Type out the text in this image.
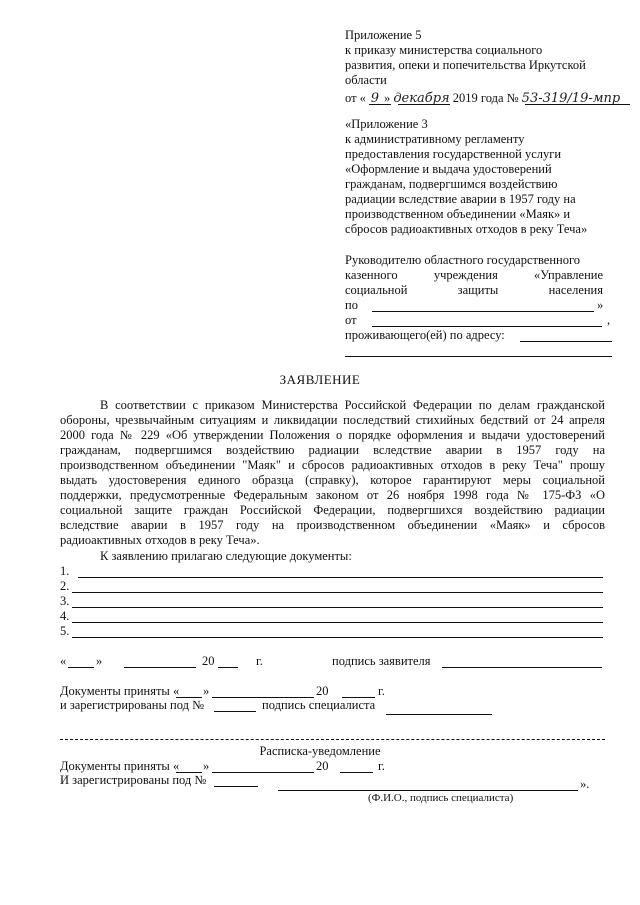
Приложение 5
к приказу министерства социального
развития, опеки и попечительства Иркутской
области
от « 9 » декабря 2019 года № 53-319/19-мпр
«Приложение 3
к административному регламенту
предоставления государственной услуги
«Оформление и выдача удостоверений
гражданам, подвергшимся воздействию
радиации вследствие аварии в 1957 году на
производственном объединении «Маяк» и
сбросов радиоактивных отходов в реку Теча»
Руководителю областного государственного
казенного учреждения «Управление
социальной защиты населения
по	»
от	,
проживающего(ей) по адресу:
ЗАЯВЛЕНИЕ
В соответствии с приказом Министерства Российской Федерации по делам гражданской
обороны, чрезвычайным ситуациям и ликвидации последствий стихийных бедствий от 24 апреля
2000 года № 229 «Об утверждении Положения о порядке оформления и выдачи удостоверений
гражданам, подвергшимся воздействию радиации вследствие аварии в 1957 году на
производственном объединении "Маяк" и сбросов радиоактивных отходов в реку Теча" прошу
выдать удостоверения единого образца (справку), которое гарантируют меры социальной
поддержки, предусмотренные Федеральным законом от 26 ноября 1998 года № 175-ФЗ «О
социальной защите граждан Российской Федерации, подвергшихся воздействию радиации
вследствие аварии в 1957 году на производственном объединении «Маяк» и сбросов
радиоактивных отходов в реку Теча».
К заявлению прилагаю следующие документы:
1.
2.
3.
4.
5.
« »	20	г.	подпись заявителя
Документы приняты « »	20	г.
и зарегистрированы под №	подпись специалиста
Расписка-уведомление
Документы приняты « »	20	г.
И зарегистрированы под №	».
(Ф.И.О., подпись специалиста)
